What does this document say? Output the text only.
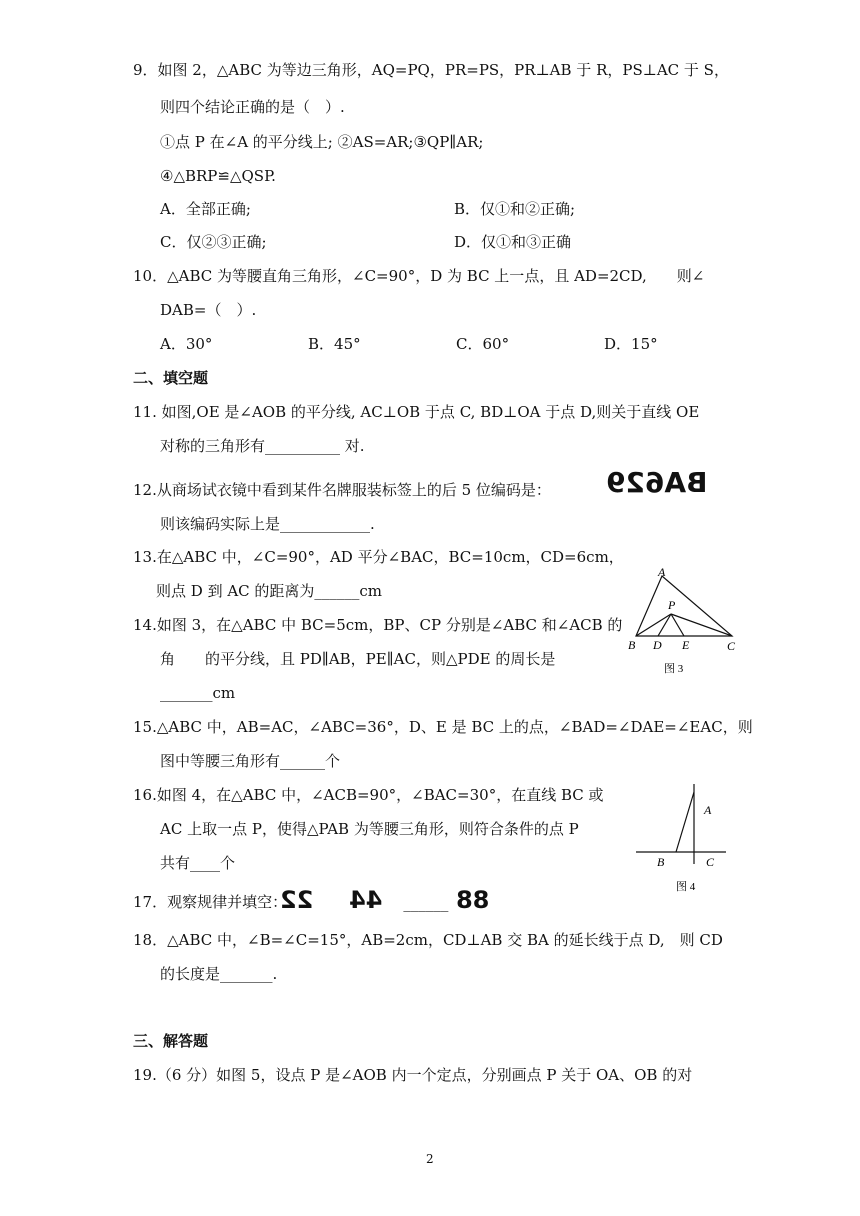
9．如图 2，△ABC 为等边三角形，AQ=PQ，PR=PS，PR⊥AB 于 R，PS⊥AC 于 S，
则四个结论正确的是（　）.
①点 P 在∠A 的平分线上; ②AS=AR;③QP∥AR;
④△BRP≌△QSP.
A．全部正确;	B．仅①和②正确;
C．仅②③正确;	D．仅①和③正确
10．△ABC 为等腰直角三角形，∠C=90°，D 为 BC 上一点，且 AD=2CD,　　则∠
DAB=（　）.
A．30°	B．45°	C．60°	D．15°
二、填空题
11. 如图,OE 是∠AOB 的平分线, AC⊥OB 于点 C, BD⊥OA 于点 D,则关于直线 OE
对称的三角形有__________ 对.
12.从商场试衣镜中看到某件名牌服装标签上的后 5 位编码是： BA629
则该编码实际上是____________.
13.在△ABC 中，∠C=90°，AD 平分∠BAC，BC=10cm，CD=6cm，
则点 D 到 AC 的距离为______cm
14.如图 3，在△ABC 中 BC=5cm，BP、CP 分别是∠ABC 和∠ACB 的
角　　的平分线，且 PD∥AB，PE∥AC，则△PDE 的周长是
_______cm
A
P
B D E	C
图 3
15.△ABC 中，AB=AC，∠ABC=36°，D、E 是 BC 上的点，∠BAD=∠DAE=∠EAC，则
图中等腰三角形有______个
16.如图 4，在△ABC 中，∠ACB=90°，∠BAC=30°，在直线 BC 或
AC 上取一点 P，使得△PAB 为等腰三角形，则符合条件的点 P
共有____个
A
B	C
图 4
17．观察规律并填空：
22 44 ______ 88
18．△ABC 中，∠B=∠C=15°，AB=2cm，CD⊥AB 交 BA 的延长线于点 D,　则 CD
的长度是_______.
三、解答题
19.（6 分）如图 5，设点 P 是∠AOB 内一个定点，分别画点 P 关于 OA、OB 的对
2
